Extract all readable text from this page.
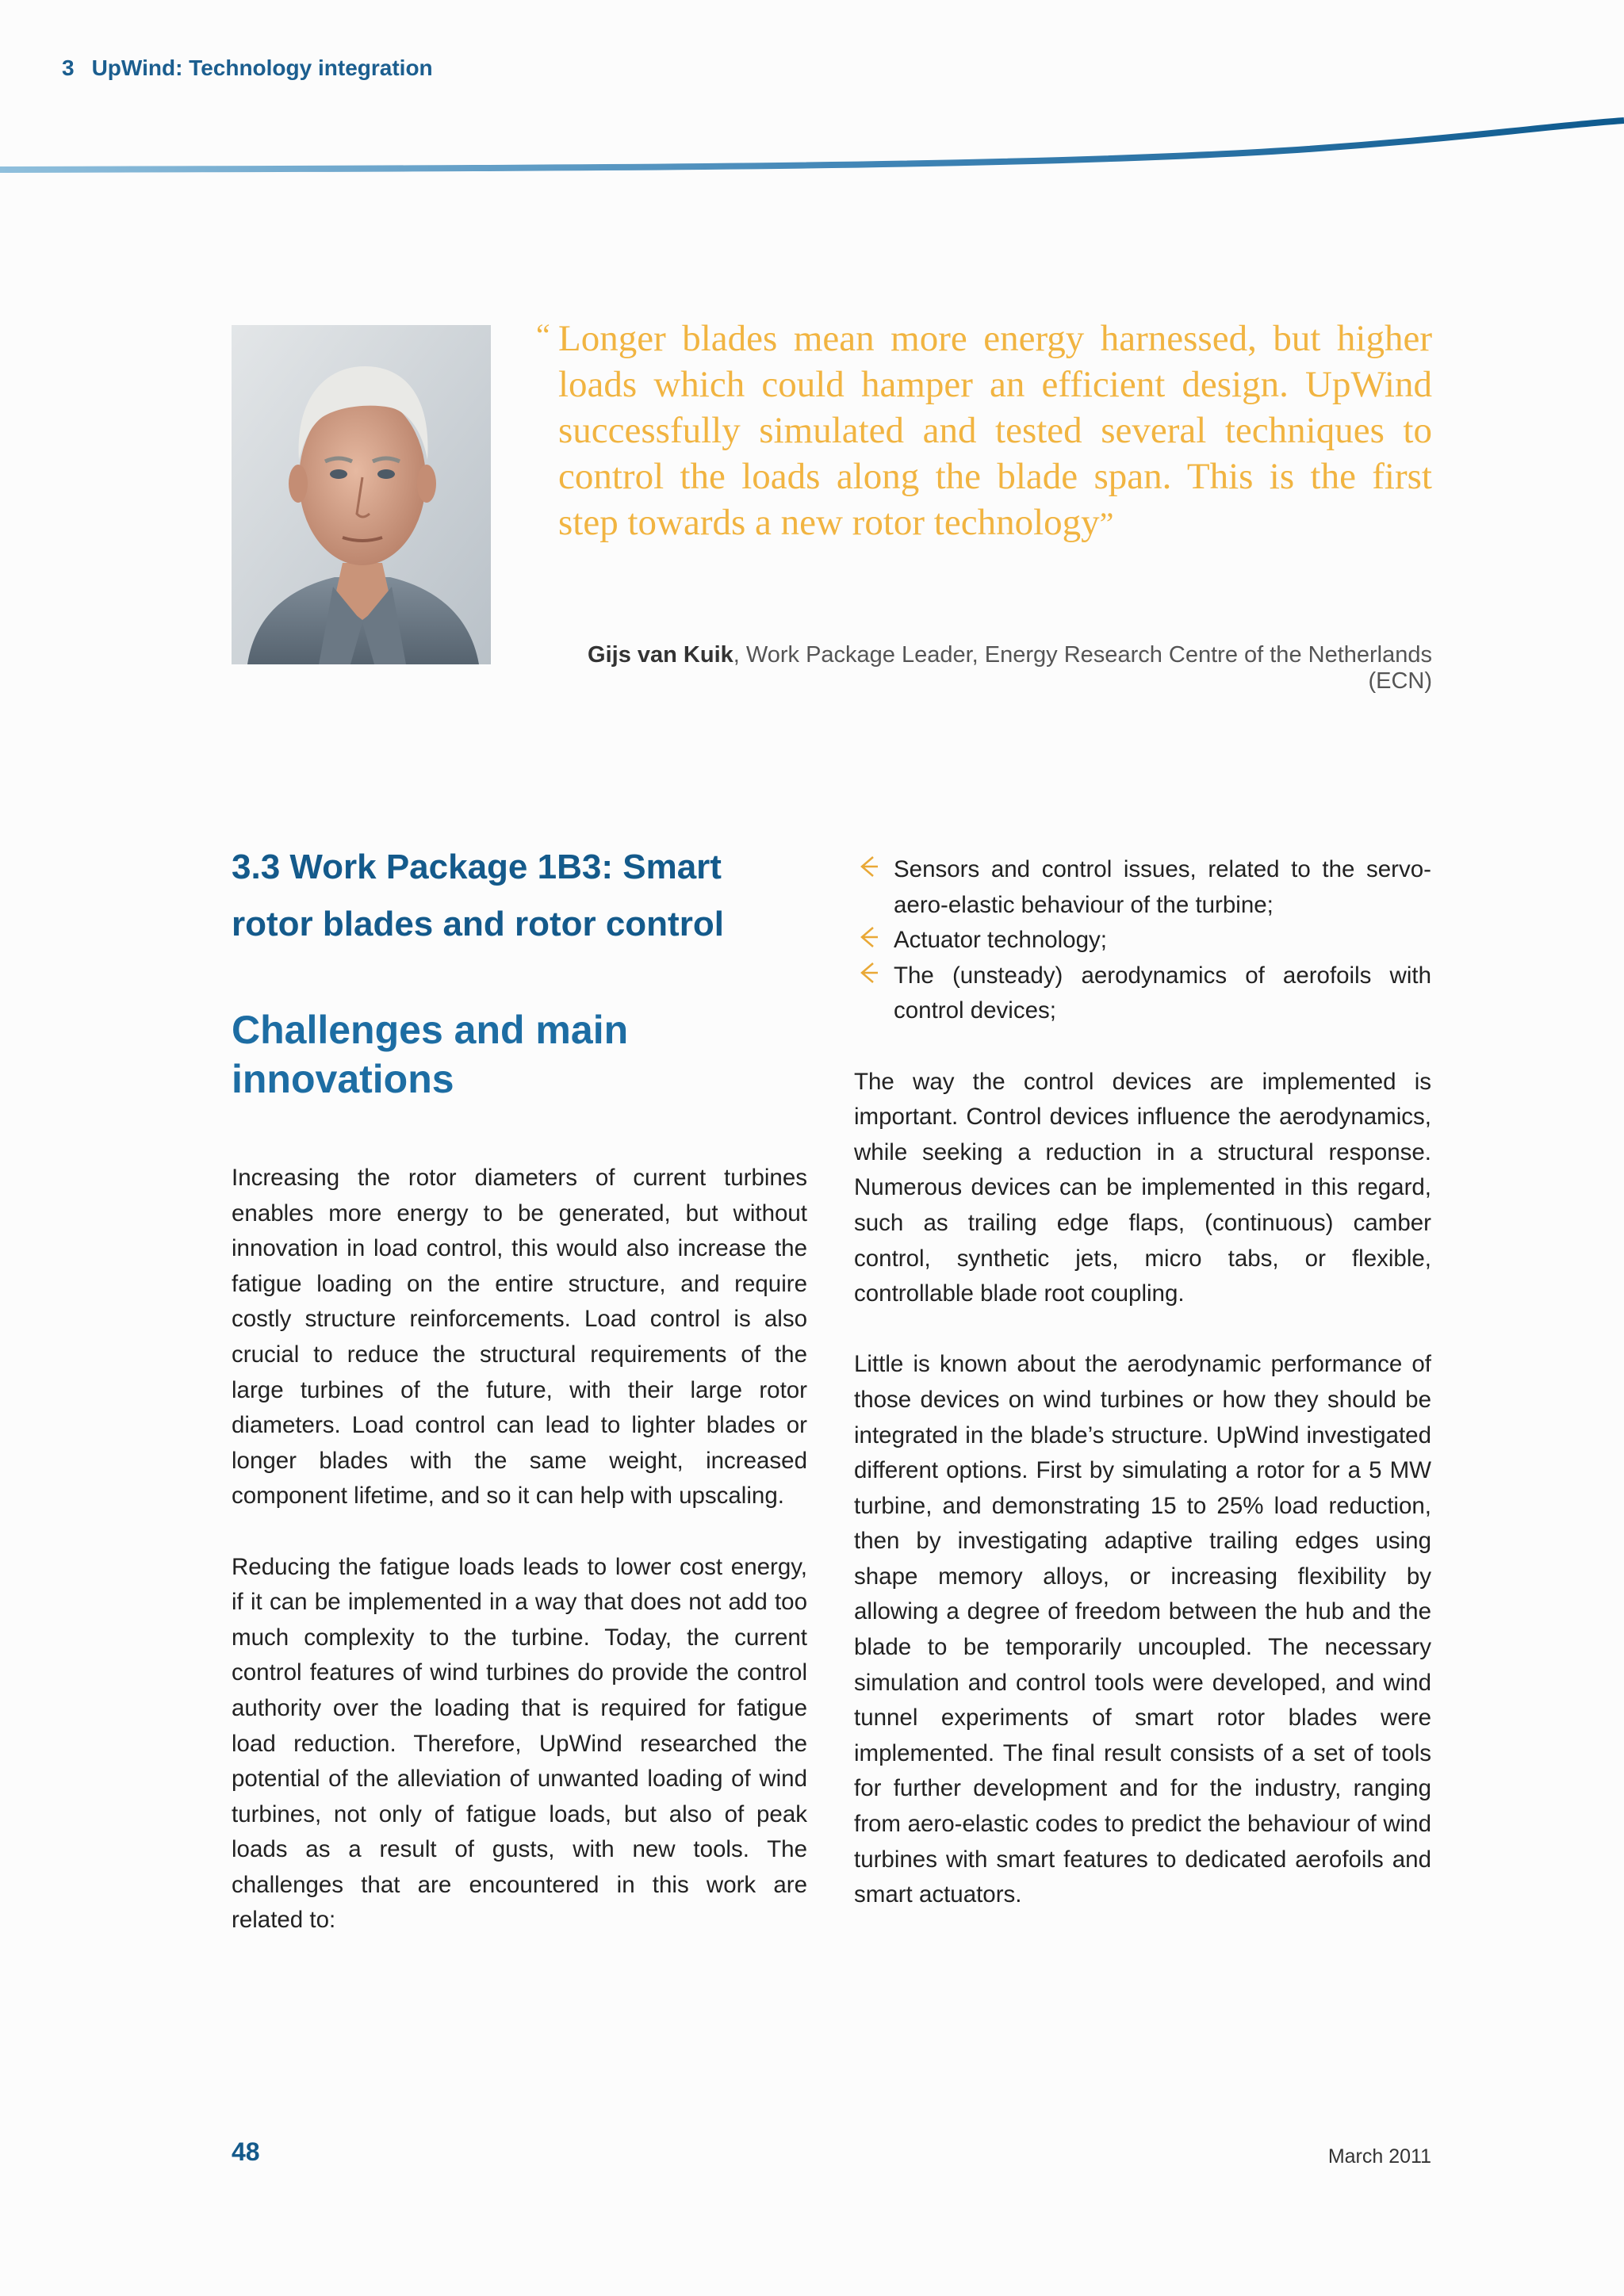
3 UpWind: Technology integration
“ Longer blades mean more energy harnessed, but higher loads which could hamper an efficient design. UpWind successfully simulated and tested several techniques to control the loads along the blade span. This is the first step towards a new rotor technology”
Gijs van Kuik, Work Package Leader, Energy Research Centre of the Netherlands (ECN)
3.3 Work Package 1B3: Smart rotor blades and rotor control
Challenges and main innovations

Increasing the rotor diameters of current turbines enables more energy to be generated, but without innovation in load control, this would also increase the fatigue loading on the entire structure, and require costly structure reinforcements. Load control is also crucial to reduce the structural requirements of the large turbines of the future, with their large rotor diameters. Load control can lead to lighter blades or longer blades with the same weight, increased component lifetime, and so it can help with upscaling.

Reducing the fatigue loads leads to lower cost energy, if it can be implemented in a way that does not add too much complexity to the turbine. Today, the current control features of wind turbines do provide the control authority over the loading that is required for fatigue load reduction. Therefore, UpWind researched the potential of the alleviation of unwanted loading of wind turbines, not only of fatigue loads, but also of peak loads as a result of gusts, with new tools. The challenges that are encountered in this work are related to:

Sensors and control issues, related to the servo-aero-elastic behaviour of the turbine;
Actuator technology;
The (unsteady) aerodynamics of aerofoils with control devices;

The way the control devices are implemented is important. Control devices influence the aerodynamics, while seeking a reduction in a structural response. Numerous devices can be implemented in this regard, such as trailing edge flaps, (continuous) camber control, synthetic jets, micro tabs, or flexible, controllable blade root coupling.

Little is known about the aerodynamic performance of those devices on wind turbines or how they should be integrated in the blade’s structure. UpWind investigated different options. First by simulating a rotor for a 5 MW turbine, and demonstrating 15 to 25% load reduction, then by investigating adaptive trailing edges using shape memory alloys, or increasing flexibility by allowing a degree of freedom between the hub and the blade to be temporarily uncoupled. The necessary simulation and control tools were developed, and wind tunnel experiments of smart rotor blades were implemented. The final result consists of a set of tools for further development and for the industry, ranging from aero-elastic codes to predict the behaviour of wind turbines with smart features to dedicated aerofoils and smart actuators.

48	March 2011
